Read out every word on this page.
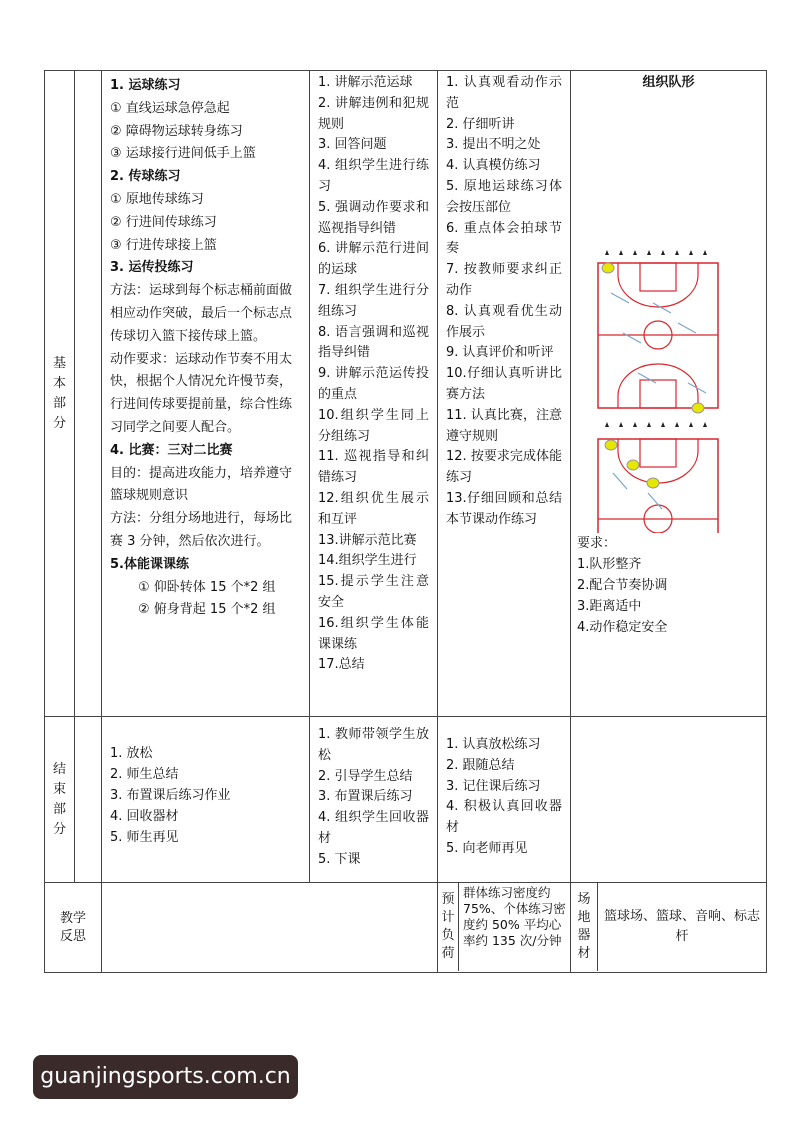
基本部分		
1. 运球练习
① 直线运球急停急起
② 障碍物运球转身练习
③ 运球接行进间低手上篮
2. 传球练习
① 原地传球练习
② 行进间传球练习
③ 行进传球接上篮
3. 运传投练习
方法：运球到每个标志桶前面做相应动作突破，最后一个标志点传球切入篮下接传球上篮。
动作要求：运球动作节奏不用太快，根据个人情况允许慢节奏，行进间传球要提前量，综合性练习同学之间要人配合。
4. 比赛：三对二比赛
目的：提高进攻能力，培养遵守篮球规则意识
方法：分组分场地进行，每场比赛 3 分钟，然后依次进行。
5.体能课课练
① 仰卧转体 15 个*2 组
② 俯身背起 15 个*2 组

1. 讲解示范运球
2. 讲解违例和犯规规则
3. 回答问题
4. 组织学生进行练习
5. 强调动作要求和巡视指导纠错
6. 讲解示范行进间的运球
7. 组织学生进行分组练习
8. 语言强调和巡视指导纠错
9. 讲解示范运传投的重点
10.组织学生同上分组练习
11. 巡视指导和纠错练习
12.组织优生展示和互评
13.讲解示范比赛
14.组织学生进行
15.提示学生注意安全
16.组织学生体能课课练
17.总结

1. 认真观看动作示范
2. 仔细听讲
3. 提出不明之处
4. 认真模仿练习
5. 原地运球练习体会按压部位
6. 重点体会拍球节奏
7. 按教师要求纠正动作
8. 认真观看优生动作展示
9. 认真评价和听评
10.仔细认真听讲比赛方法
11. 认真比赛，注意遵守规则
12. 按要求完成体能练习
13.仔细回顾和总结本节课动作练习

组织队形
要求：
1.队形整齐
2.配合节奏协调
3.距离适中
4.动作稳定安全

结束部分		
1. 放松
2. 师生总结
3. 布置课后练习作业
4. 回收器材
5. 师生再见

1. 教师带领学生放松
2. 引导学生总结
3. 布置课后练习
4. 组织学生回收器材
5. 下课

1. 认真放松练习
2. 跟随总结
3. 记住课后练习
4. 积极认真回收器材
5. 向老师再见

教学反思		
预计负荷	
群体练习密度约 75%、个体练习密度约 50% 平均心率约 135 次/分钟

场地器材	
篮球场、篮球、音响、标志杆
guanjingsports.com.cn
